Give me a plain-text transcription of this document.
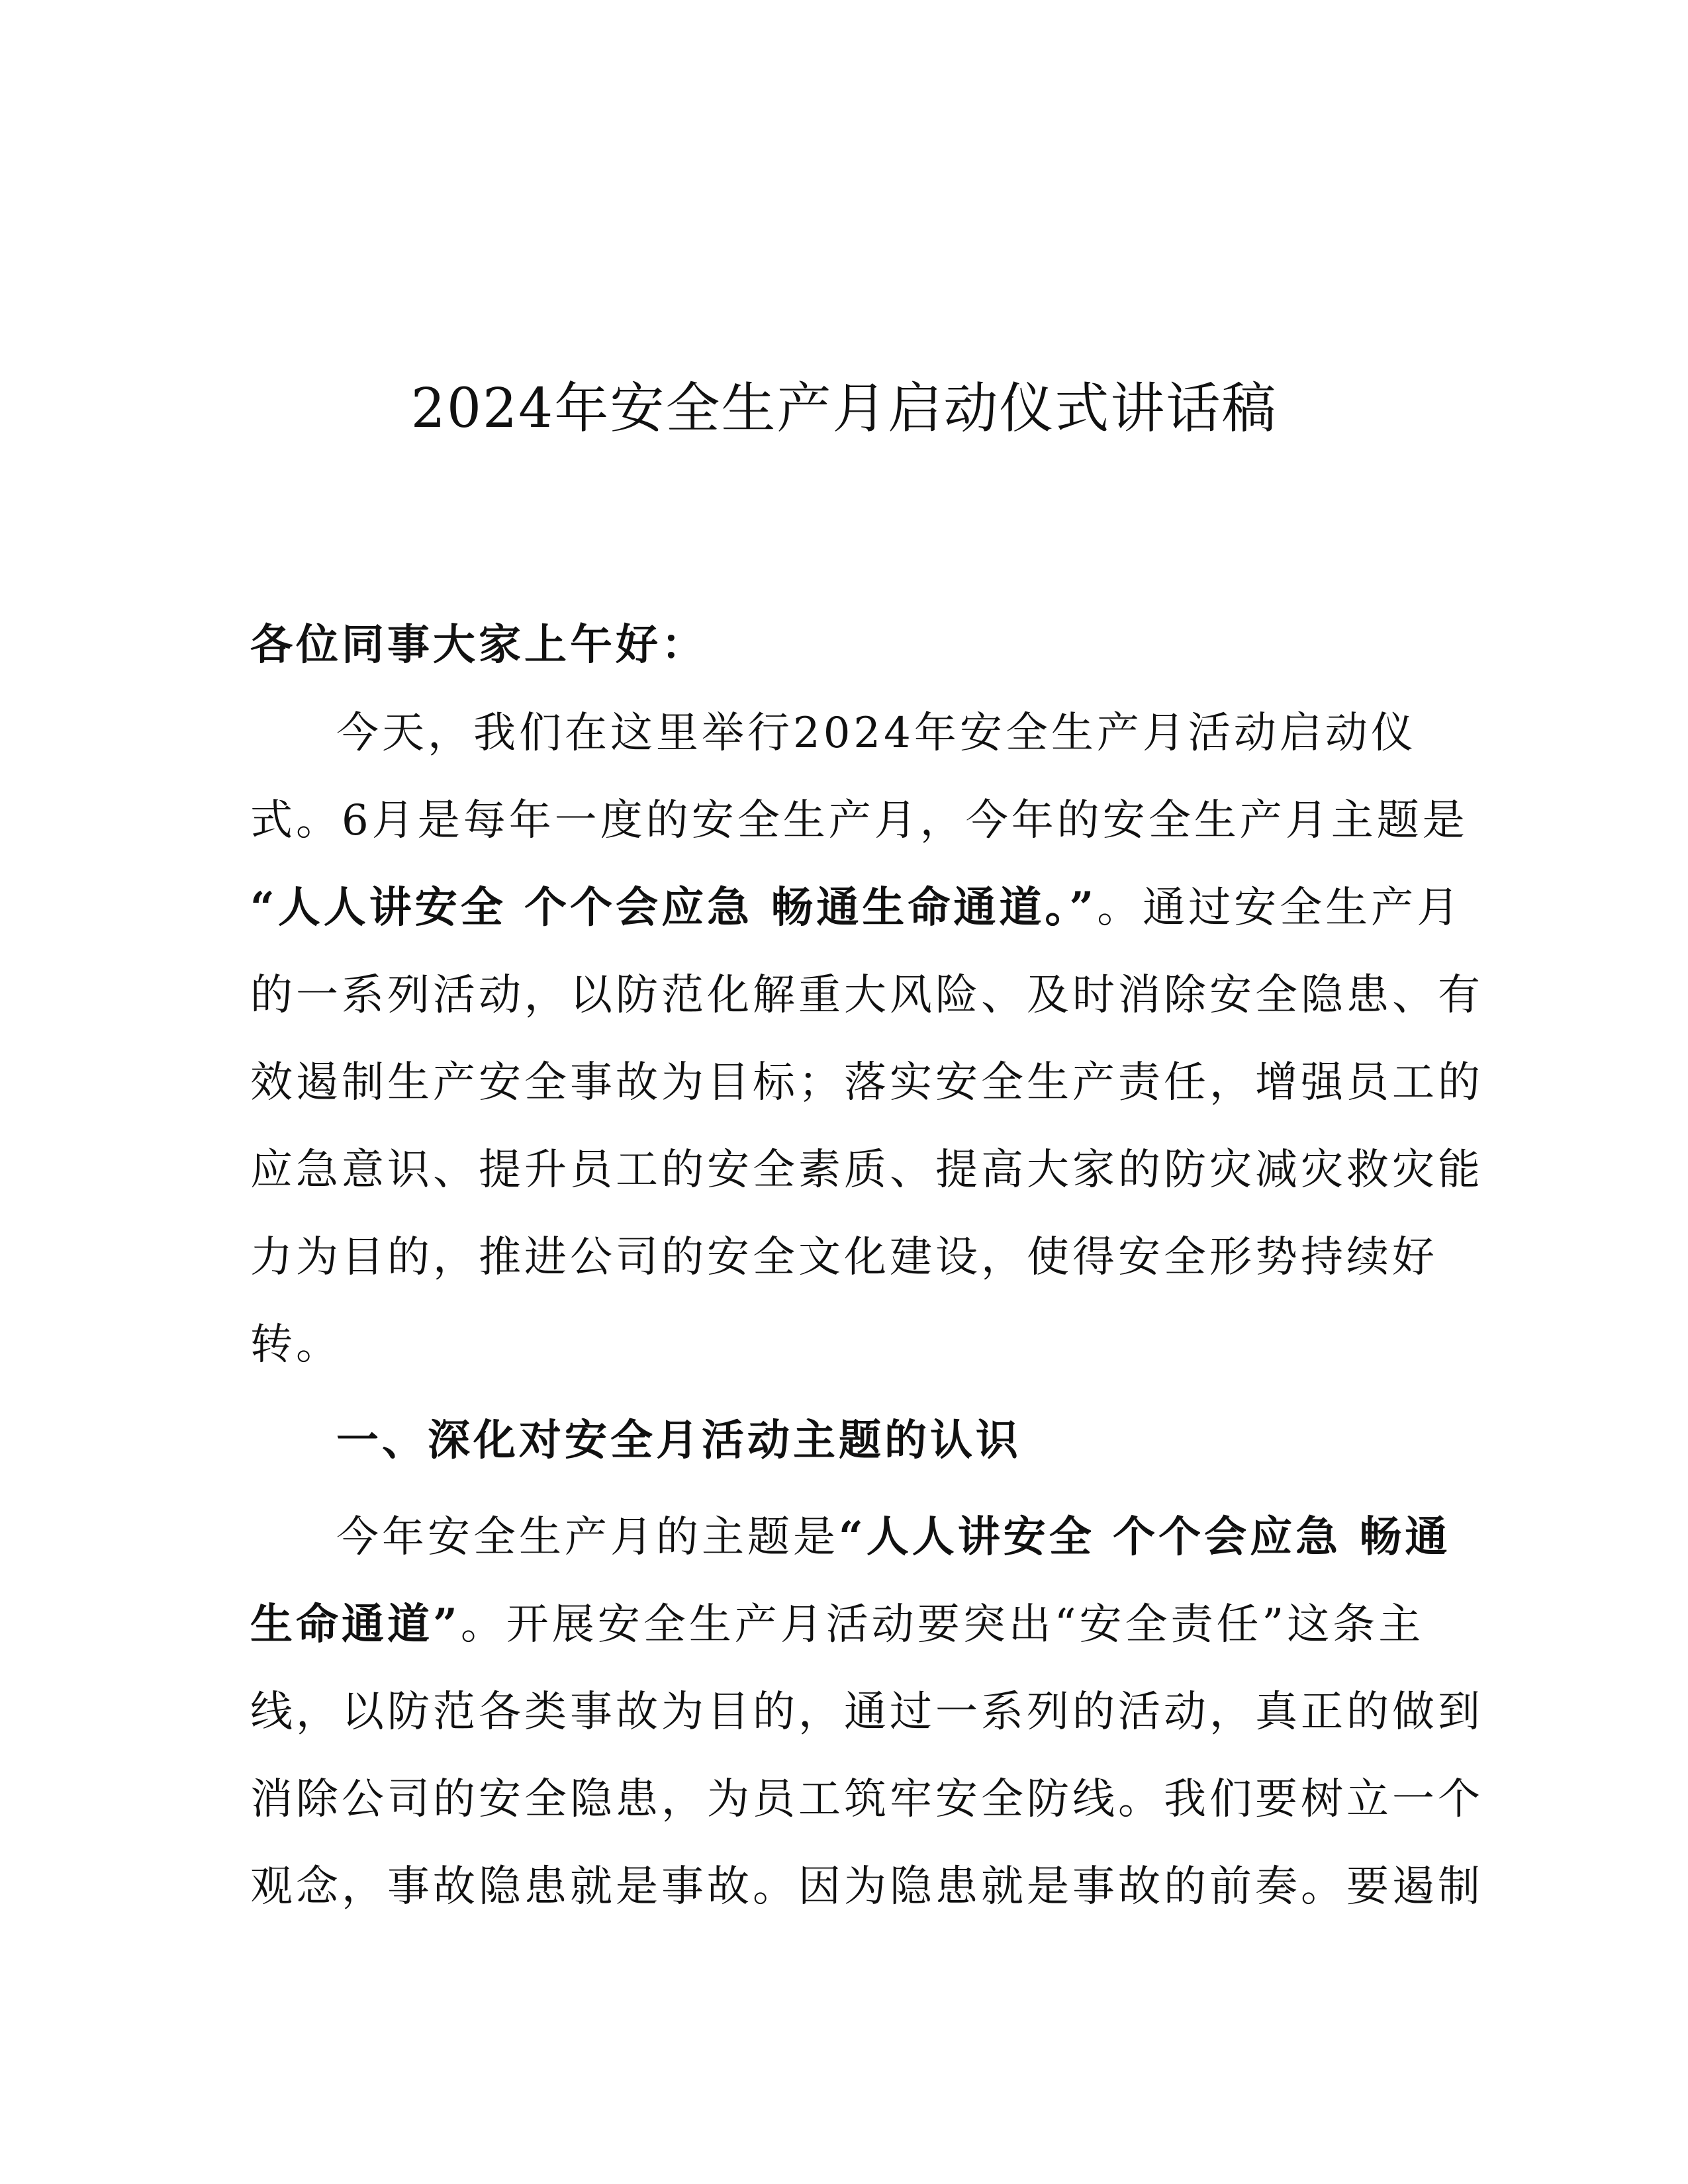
2024年安全生产月启动仪式讲话稿
各位同事大家上午好：
今天，我们在这里举行2024年安全生产月活动启动仪
式。6月是每年一度的安全生产月，今年的安全生产月主题是
“人人讲安全 个个会应急 畅通生命通道。”。通过安全生产月
的一系列活动，以防范化解重大风险、及时消除安全隐患、有
效遏制生产安全事故为目标；落实安全生产责任，增强员工的
应急意识、提升员工的安全素质、提高大家的防灾减灾救灾能
力为目的，推进公司的安全文化建设，使得安全形势持续好
转。
一、深化对安全月活动主题的认识
今年安全生产月的主题是“人人讲安全 个个会应急 畅通
生命通道”。开展安全生产月活动要突出“安全责任”这条主
线，以防范各类事故为目的，通过一系列的活动，真正的做到
消除公司的安全隐患，为员工筑牢安全防线。我们要树立一个
观念，事故隐患就是事故。因为隐患就是事故的前奏。要遏制
